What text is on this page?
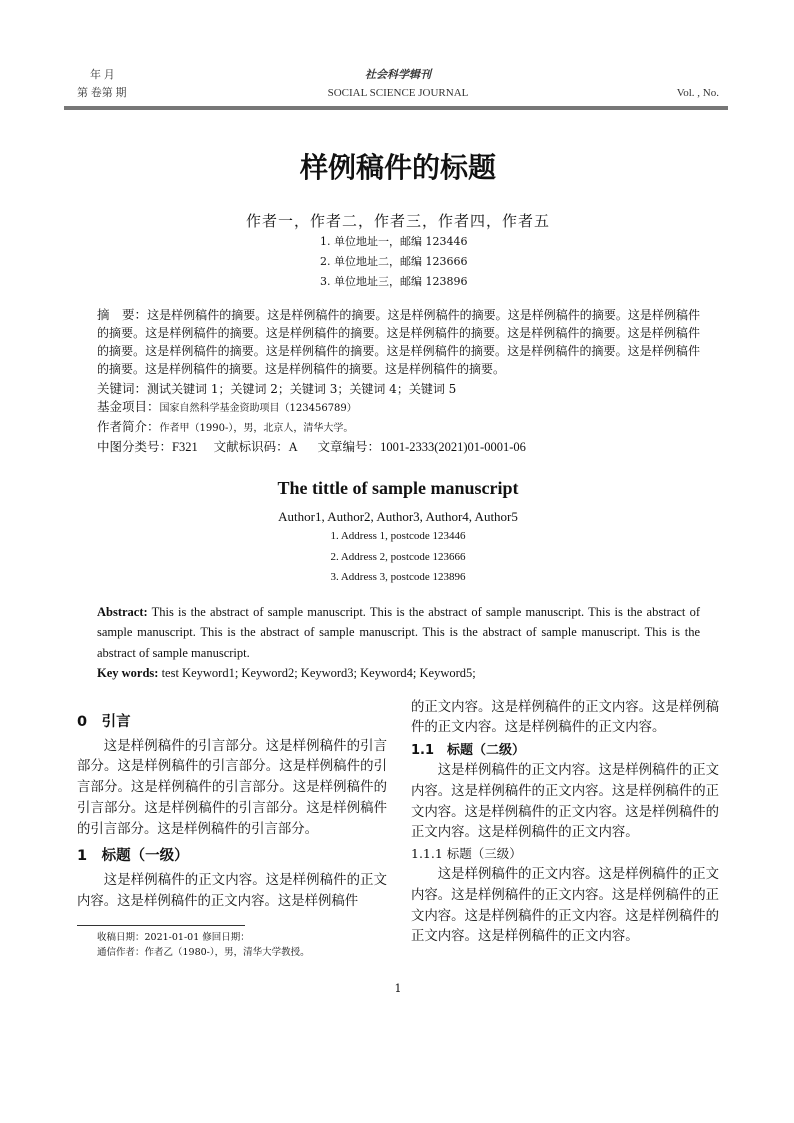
年 月	社会科学辑刊
第 卷第 期	SOCIAL SCIENCE JOURNAL	Vol. , No.
样例稿件的标题
作者一，作者二，作者三，作者四，作者五
1. 单位地址一，邮编 123446
2. 单位地址二，邮编 123666
3. 单位地址三，邮编 123896

摘　要：这是样例稿件的摘要。这是样例稿件的摘要。这是样例稿件的摘要。这是样例稿件的摘要。这是样例稿件的摘要。这是样例稿件的摘要。这是样例稿件的摘要。这是样例稿件的摘要。这是样例稿件的摘要。这是样例稿件的摘要。这是样例稿件的摘要。这是样例稿件的摘要。这是样例稿件的摘要。这是样例稿件的摘要。这是样例稿件的摘要。这是样例稿件的摘要。这是样例稿件的摘要。这是样例稿件的摘要。

关键词：测试关键词 1；关键词 2；关键词 3；关键词 4；关键词 5

基金项目：国家自然科学基金资助项目（123456789）

作者简介：作者甲（1990-），男，北京人，清华大学。

中图分类号：F321 文献标识码：A 文章编号：1001-2333(2021)01-0001-06

The tittle of sample manuscript
Author1, Author2, Author3, Author4, Author5
1. Address 1, postcode 123446
2. Address 2, postcode 123666
3. Address 3, postcode 123896

Abstract: This is the abstract of sample manuscript. This is the abstract of sample manuscript. This is the abstract of sample manuscript. This is the abstract of sample manuscript. This is the abstract of sample manuscript. This is the abstract of sample manuscript.

Key words: test Keyword1; Keyword2; Keyword3; Keyword4; Keyword5;

0　引言

这是样例稿件的引言部分。这是样例稿件的引言部分。这是样例稿件的引言部分。这是样例稿件的引言部分。这是样例稿件的引言部分。这是样例稿件的引言部分。这是样例稿件的引言部分。这是样例稿件的引言部分。这是样例稿件的引言部分。

1　标题（一级）

这是样例稿件的正文内容。这是样例稿件的正文内容。这是样例稿件的正文内容。这是样例稿件

收稿日期：2021-01-01 修回日期：
通信作者：作者乙（1980-），男，清华大学教授。

的正文内容。这是样例稿件的正文内容。这是样例稿件的正文内容。这是样例稿件的正文内容。

1.1　标题（二级）

这是样例稿件的正文内容。这是样例稿件的正文内容。这是样例稿件的正文内容。这是样例稿件的正文内容。这是样例稿件的正文内容。这是样例稿件的正文内容。这是样例稿件的正文内容。

1.1.1 标题（三级）

这是样例稿件的正文内容。这是样例稿件的正文内容。这是样例稿件的正文内容。这是样例稿件的正文内容。这是样例稿件的正文内容。这是样例稿件的正文内容。这是样例稿件的正文内容。

1
